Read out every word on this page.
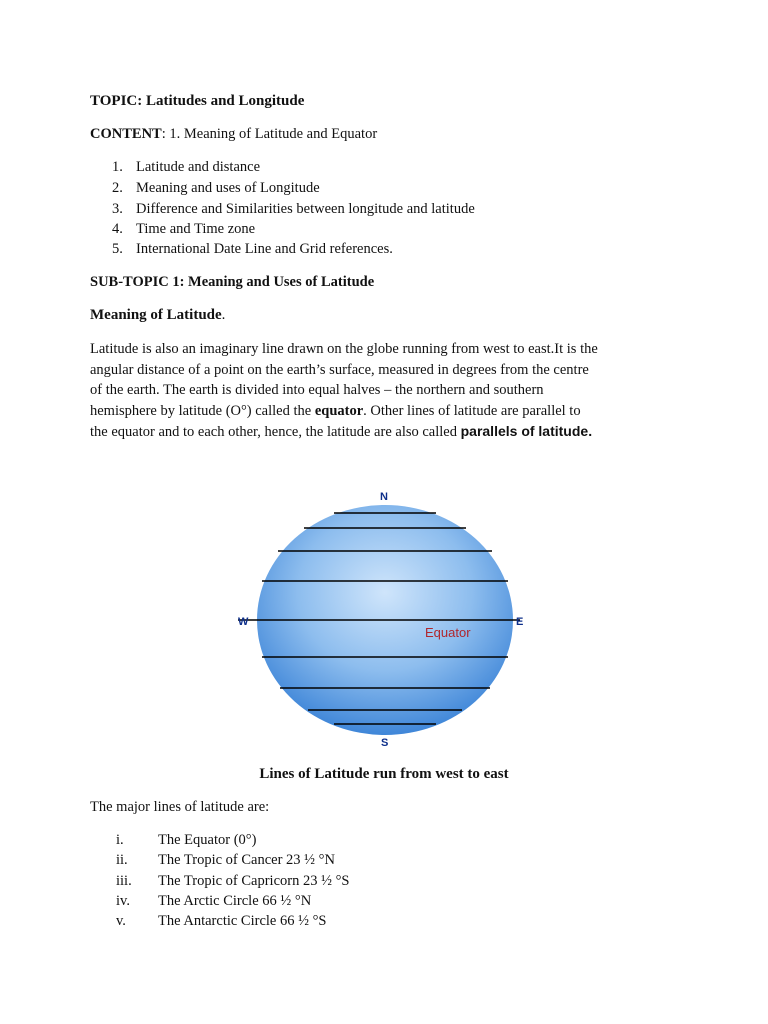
TOPIC: Latitudes and Longitude
CONTENT: 1. Meaning of Latitude and Equator
1. Latitude and distance
2. Meaning and uses of Longitude
3. Difference and Similarities between longitude and latitude
4. Time and Time zone
5. International Date Line and Grid references.
SUB-TOPIC 1: Meaning and Uses of Latitude
Meaning of Latitude.
Latitude is also an imaginary line drawn on the globe running from west to east.It is the
angular distance of a point on the earth’s surface, measured in degrees from the centre
of the earth. The earth is divided into equal halves – the northern and southern
hemisphere by latitude (O°) called the equator. Other lines of latitude are parallel to
the equator and to each other, hence, the latitude are also called parallels of latitude.
N
S
W	E
Equator
Lines of Latitude run from west to east
The major lines of latitude are:
i. The Equator (0°)
ii. The Tropic of Cancer 23 ½ °N
iii. The Tropic of Capricorn 23 ½ °S
iv. The Arctic Circle 66 ½ °N
v. The Antarctic Circle 66 ½ °S
